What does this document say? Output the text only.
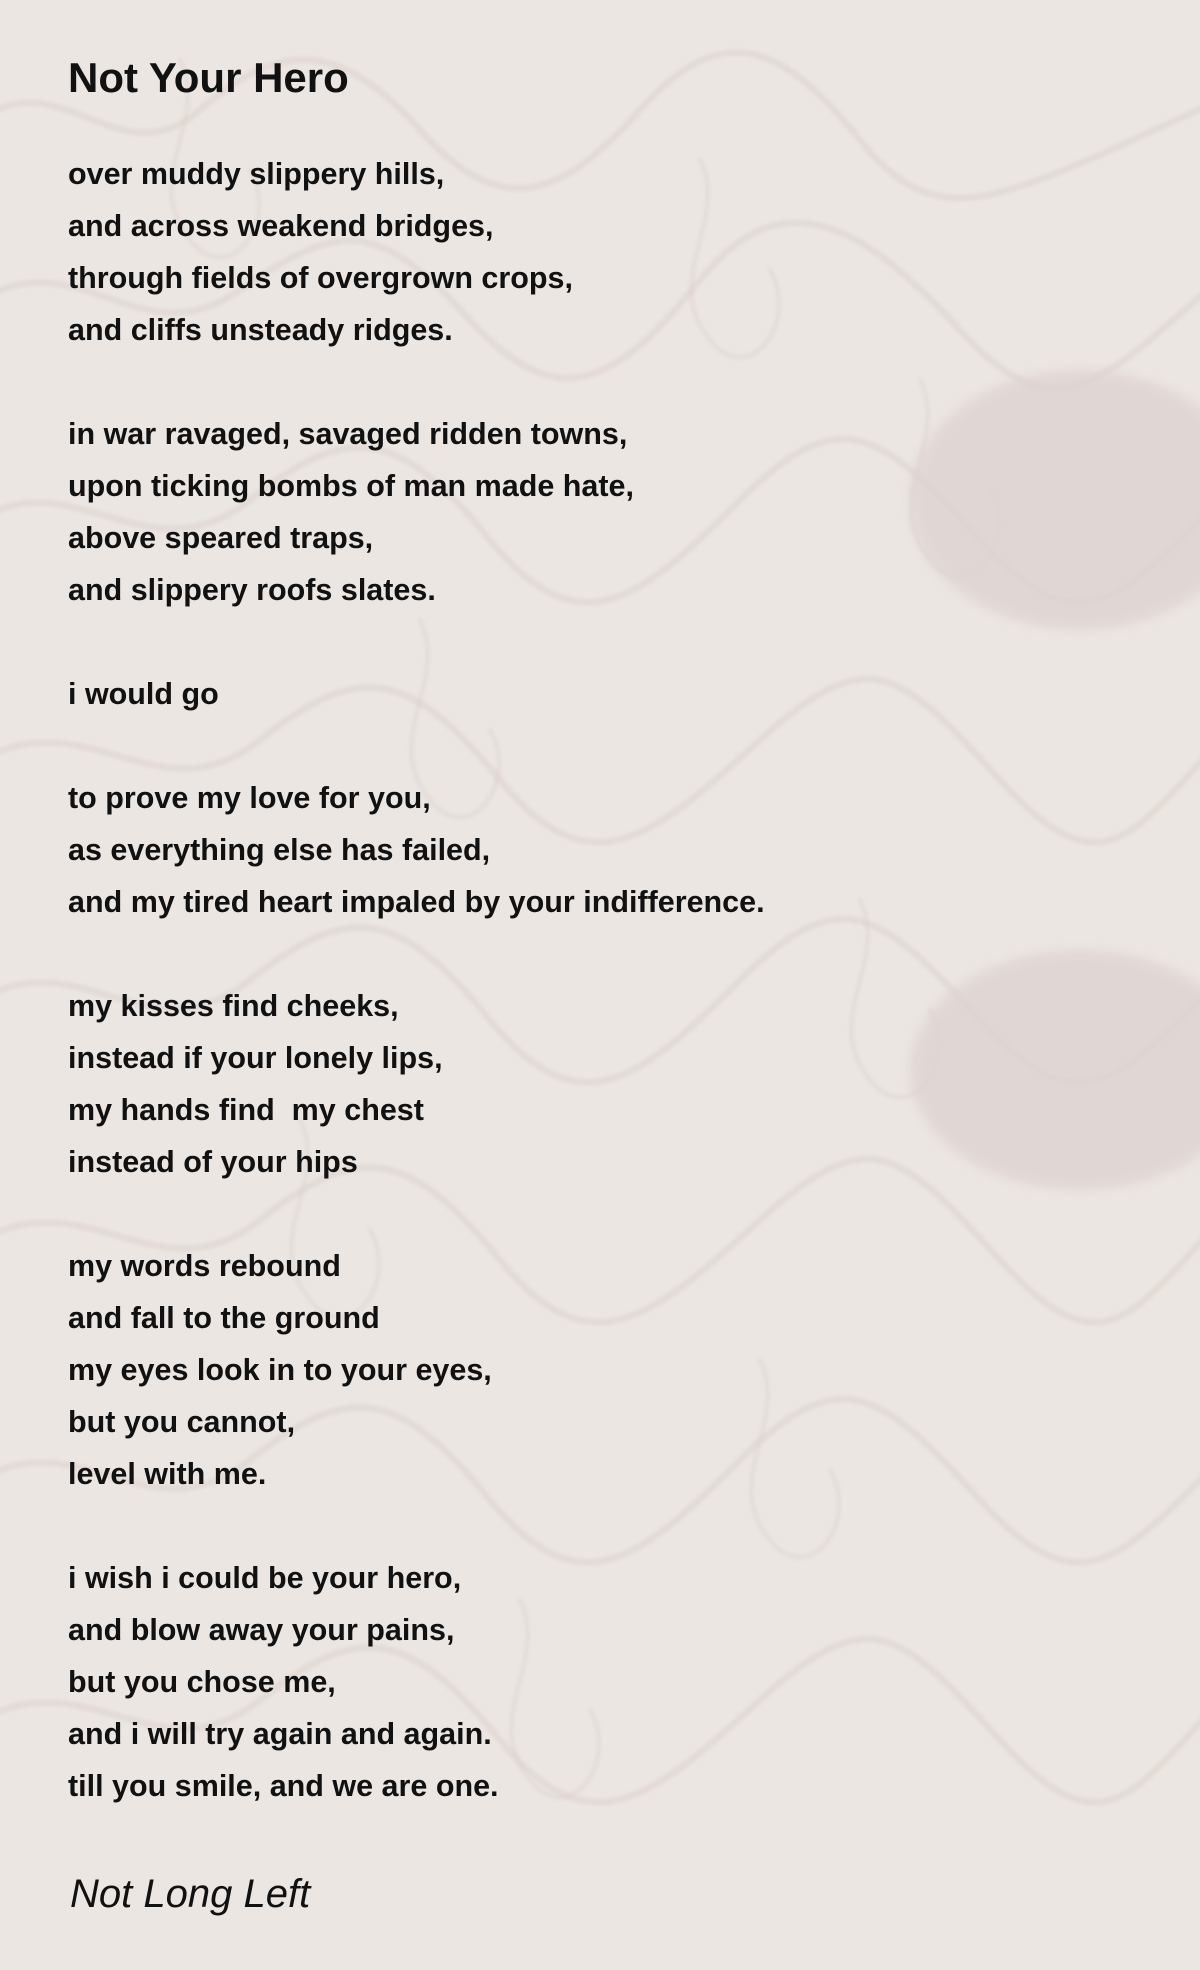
Not Your Hero
over muddy slippery hills,
and across weakend bridges,
through fields of overgrown crops,
and cliffs unsteady ridges.
in war ravaged, savaged ridden towns,
upon ticking bombs of man made hate,
above speared traps,
and slippery roofs slates.
i would go
to prove my love for you,
as everything else has failed,
and my tired heart impaled by your indifference.
my kisses find cheeks,
instead if your lonely lips,
my hands find  my chest
instead of your hips
my words rebound
and fall to the ground
my eyes look in to your eyes,
but you cannot,
level with me.
i wish i could be your hero,
and blow away your pains,
but you chose me,
and i will try again and again.
till you smile, and we are one.

Not Long Left
